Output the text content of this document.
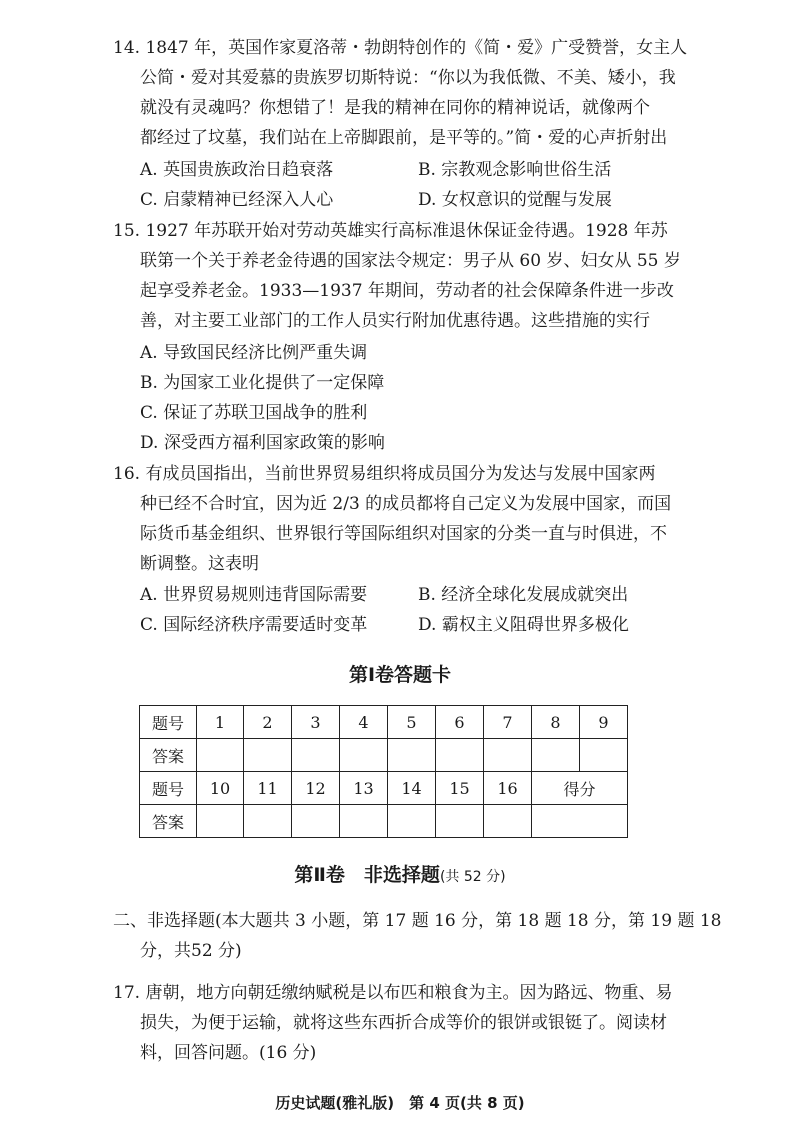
14. 1847 年，英国作家夏洛蒂・勃朗特创作的《简・爱》广受赞誉，女主人
公简・爱对其爱慕的贵族罗切斯特说：“你以为我低微、不美、矮小，我
就没有灵魂吗？你想错了！是我的精神在同你的精神说话，就像两个
都经过了坟墓，我们站在上帝脚跟前，是平等的。”简・爱的心声折射出
A. 英国贵族政治日趋衰落	B. 宗教观念影响世俗生活
C. 启蒙精神已经深入人心	D. 女权意识的觉醒与发展
15. 1927 年苏联开始对劳动英雄实行高标准退休保证金待遇。1928 年苏
联第一个关于养老金待遇的国家法令规定：男子从 60 岁、妇女从 55 岁
起享受养老金。1933—1937 年期间，劳动者的社会保障条件进一步改
善，对主要工业部门的工作人员实行附加优惠待遇。这些措施的实行
A. 导致国民经济比例严重失调
B. 为国家工业化提供了一定保障
C. 保证了苏联卫国战争的胜利
D. 深受西方福利国家政策的影响
16. 有成员国指出，当前世界贸易组织将成员国分为发达与发展中国家两
种已经不合时宜，因为近 2/3 的成员都将自己定义为发展中国家，而国
际货币基金组织、世界银行等国际组织对国家的分类一直与时俱进，不
断调整。这表明
A. 世界贸易规则违背国际需要	B. 经济全球化发展成就突出
C. 国际经济秩序需要适时变革	D. 霸权主义阻碍世界多极化
第Ⅰ卷答题卡
题号	1	2	3	4	5	6	7	8	9
答案									
题号	10	11	12	13	14	15	16	得分	
答案									
第Ⅱ卷　非选择题(共 52 分)
二、非选择题(本大题共 3 小题，第 17 题 16 分，第 18 题 18 分，第 19 题 18
分，共52 分)
17. 唐朝，地方向朝廷缴纳赋税是以布匹和粮食为主。因为路远、物重、易
损失，为便于运输，就将这些东西折合成等价的银饼或银铤了。阅读材
料，回答问题。(16 分)
历史试题(雅礼版)　第 4 页(共 8 页)
